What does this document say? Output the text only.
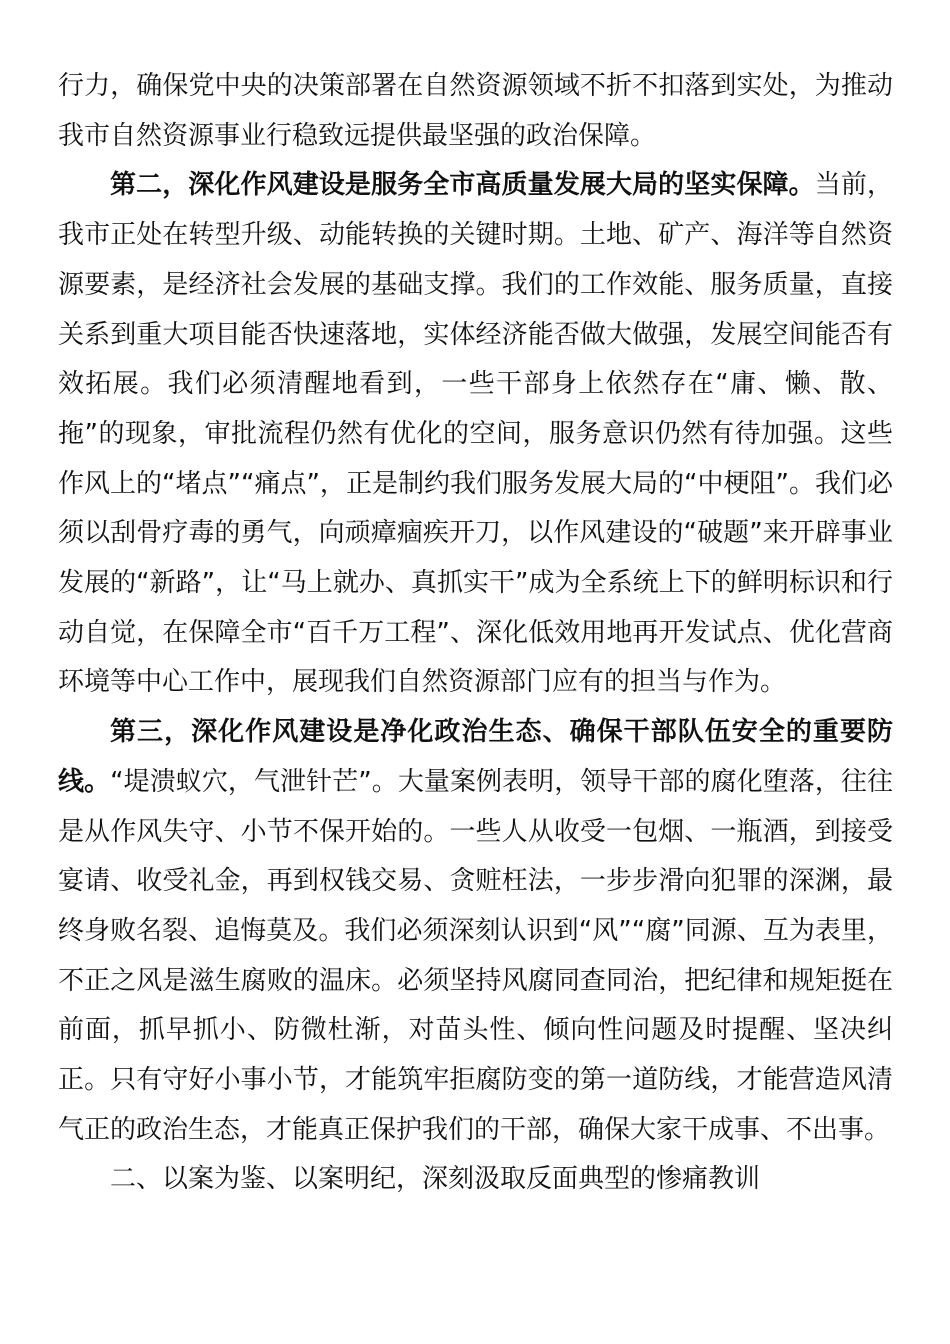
行力，确保党中央的决策部署在自然资源领域不折不扣落到实处，为推动我市自然资源事业行稳致远提供最坚强的政治保障。

第二，深化作风建设是服务全市高质量发展大局的坚实保障。当前，我市正处在转型升级、动能转换的关键时期。土地、矿产、海洋等自然资源要素，是经济社会发展的基础支撑。我们的工作效能、服务质量，直接关系到重大项目能否快速落地，实体经济能否做大做强，发展空间能否有效拓展。我们必须清醒地看到，一些干部身上依然存在“庸、懒、散、拖”的现象，审批流程仍然有优化的空间，服务意识仍然有待加强。这些作风上的“堵点”“痛点”，正是制约我们服务发展大局的“中梗阻”。我们必须以刮骨疗毒的勇气，向顽瘴痼疾开刀，以作风建设的“破题”来开辟事业发展的“新路”，让“马上就办、真抓实干”成为全系统上下的鲜明标识和行动自觉，在保障全市“百千万工程”、深化低效用地再开发试点、优化营商环境等中心工作中，展现我们自然资源部门应有的担当与作为。

第三，深化作风建设是净化政治生态、确保干部队伍安全的重要防线。“堤溃蚁穴，气泄针芒”。大量案例表明，领导干部的腐化堕落，往往是从作风失守、小节不保开始的。一些人从收受一包烟、一瓶酒，到接受宴请、收受礼金，再到权钱交易、贪赃枉法，一步步滑向犯罪的深渊，最终身败名裂、追悔莫及。我们必须深刻认识到“风”“腐”同源、互为表里，不正之风是滋生腐败的温床。必须坚持风腐同查同治，把纪律和规矩挺在前面，抓早抓小、防微杜渐，对苗头性、倾向性问题及时提醒、坚决纠正。只有守好小事小节，才能筑牢拒腐防变的第一道防线，才能营造风清气正的政治生态，才能真正保护我们的干部，确保大家干成事、不出事。

二、以案为鉴、以案明纪，深刻汲取反面典型的惨痛教训
